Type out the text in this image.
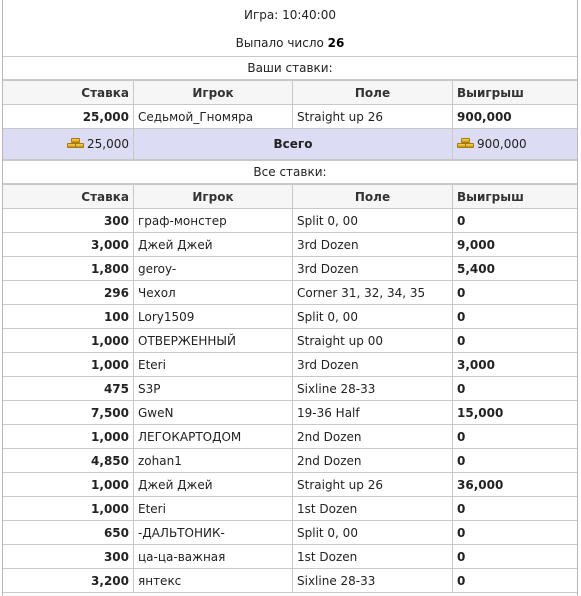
Игра: 10:40:00
Выпало число 26
Ваши ставки:
Ставка	Игрок	Поле	Выигрыш
25,000	Седьмой_Гномяра	Straight up 26	900,000

25,000	Всего		900,000
Все ставки:
Ставка	Игрок	Поле	Выигрыш
300	граф-монстер	Split 0, 00	0
3,000	Джей Джей	3rd Dozen	9,000
1,800	geroy-	3rd Dozen	5,400
296	Чехол	Corner 31, 32, 34, 35	0
100	Lory1509	Split 0, 00	0
1,000	ОТВЕРЖЕННЫЙ	Straight up 00	0
1,000	Eteri	3rd Dozen	3,000
475	S3P	Sixline 28-33	0
7,500	GweN	19-36 Half	15,000
1,000	ЛЕГОКАРТОДОМ	2nd Dozen	0
4,850	zohan1	2nd Dozen	0
1,000	Джей Джей	Straight up 26	36,000
1,000	Eteri	1st Dozen	0
650	-ДАЛЬТОНИК-	Split 0, 00	0
300	ца-ца-важная	1st Dozen	0
3,200	янтекс	Sixline 28-33	0
